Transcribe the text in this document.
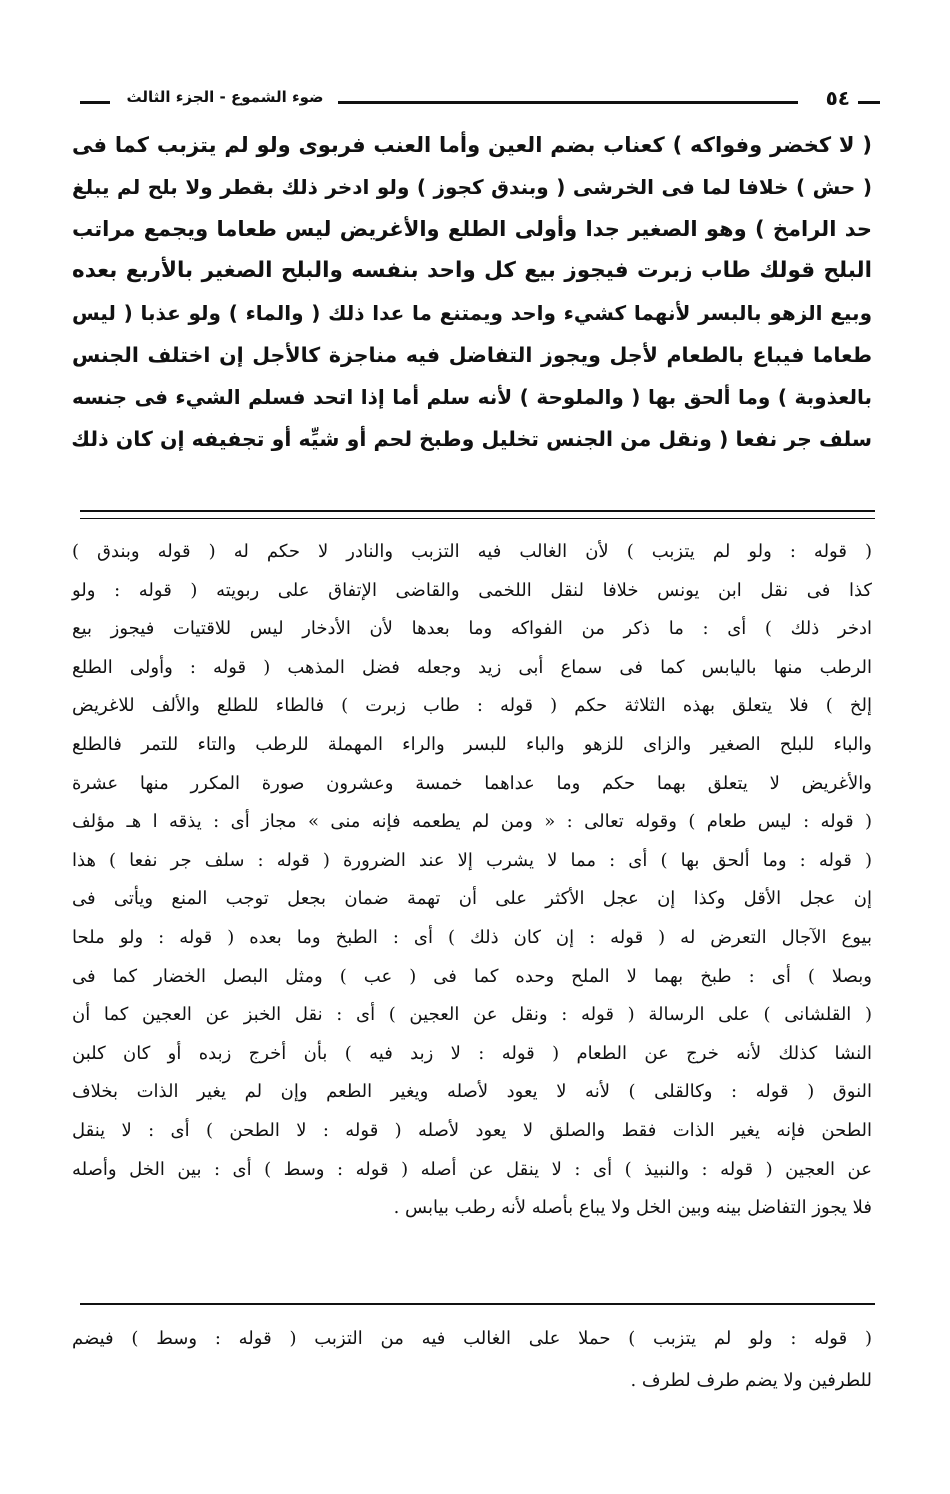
٥٤
ضوء الشموع - الجزء الثالث
( لا كخضر وفواكه ) كعناب بضم العين وأما العنب فربوى ولو لم يتزبب كما فى
( حش ) خلافا لما فى الخرشى ( وبندق كجوز ) ولو ادخر ذلك بقطر ولا بلح لم يبلغ
حد الرامخ ) وهو الصغير جدا وأولى الطلع والأغريض ليس طعاما ويجمع مراتب
البلح قولك طاب زبرت فيجوز بيع كل واحد بنفسه والبلح الصغير بالأربع بعده
وبيع الزهو بالبسر لأنهما كشيء واحد ويمتنع ما عدا ذلك ( والماء ) ولو عذبا ( ليس
طعاما فيباع بالطعام لأجل ويجوز التفاضل فيه مناجزة كالأجل إن اختلف الجنس
بالعذوبة ) وما ألحق بها ( والملوحة ) لأنه سلم أما إذا اتحد فسلم الشيء فى جنسه
سلف جر نفعا ( ونقل من الجنس تخليل وطبخ لحم أو شيِّه أو تجفيفه إن كان ذلك
( قوله : ولو لم يتزبب ) لأن الغالب فيه التزبب والنادر لا حكم له ( قوله وبندق )
كذا فى نقل ابن يونس خلافا لنقل اللخمى والقاضى الإتفاق على ربويته ( قوله : ولو
ادخر ذلك ) أى : ما ذكر من الفواكه وما بعدها لأن الأدخار ليس للاقتيات فيجوز بيع
الرطب منها باليابس كما فى سماع أبى زيد وجعله فضل المذهب ( قوله : وأولى الطلع
إلخ ) فلا يتعلق بهذه الثلاثة حكم ( قوله : طاب زبرت ) فالطاء للطلع والألف للاغريض
والباء للبلح الصغير والزاى للزهو والباء للبسر والراء المهملة للرطب والتاء للتمر فالطلع
والأغريض لا يتعلق بهما حكم وما عداهما خمسة وعشرون صورة المكرر منها عشرة
( قوله : ليس طعام ) وقوله تعالى : « ومن لم يطعمه فإنه منى » مجاز أى : يذقه ا هـ مؤلف
( قوله : وما ألحق بها ) أى : مما لا يشرب إلا عند الضرورة ( قوله : سلف جر نفعا ) هذا
إن عجل الأقل وكذا إن عجل الأكثر على أن تهمة ضمان بجعل توجب المنع ويأتى فى
بيوع الآجال التعرض له ( قوله : إن كان ذلك ) أى : الطبخ وما بعده ( قوله : ولو ملحا
وبصلا ) أى : طبخ بهما لا الملح وحده كما فى ( عب ) ومثل البصل الخضار كما فى
( القلشانى ) على الرسالة ( قوله : ونقل عن العجين ) أى : نقل الخبز عن العجين كما أن
النشا كذلك لأنه خرج عن الطعام ( قوله : لا زبد فيه ) بأن أخرج زبده أو كان كلبن
النوق ( قوله : وكالقلى ) لأنه لا يعود لأصله ويغير الطعم وإن لم يغير الذات بخلاف
الطحن فإنه يغير الذات فقط والصلق لا يعود لأصله ( قوله : لا الطحن ) أى : لا ينقل
عن العجين ( قوله : والنبيذ ) أى : لا ينقل عن أصله ( قوله : وسط ) أى : بين الخل وأصله
فلا يجوز التفاضل بينه وبين الخل ولا يباع بأصله لأنه رطب بيابس .
( قوله : ولو لم يتزبب ) حملا على الغالب فيه من التزبب ( قوله : وسط ) فيضم
للطرفين ولا يضم طرف لطرف .
